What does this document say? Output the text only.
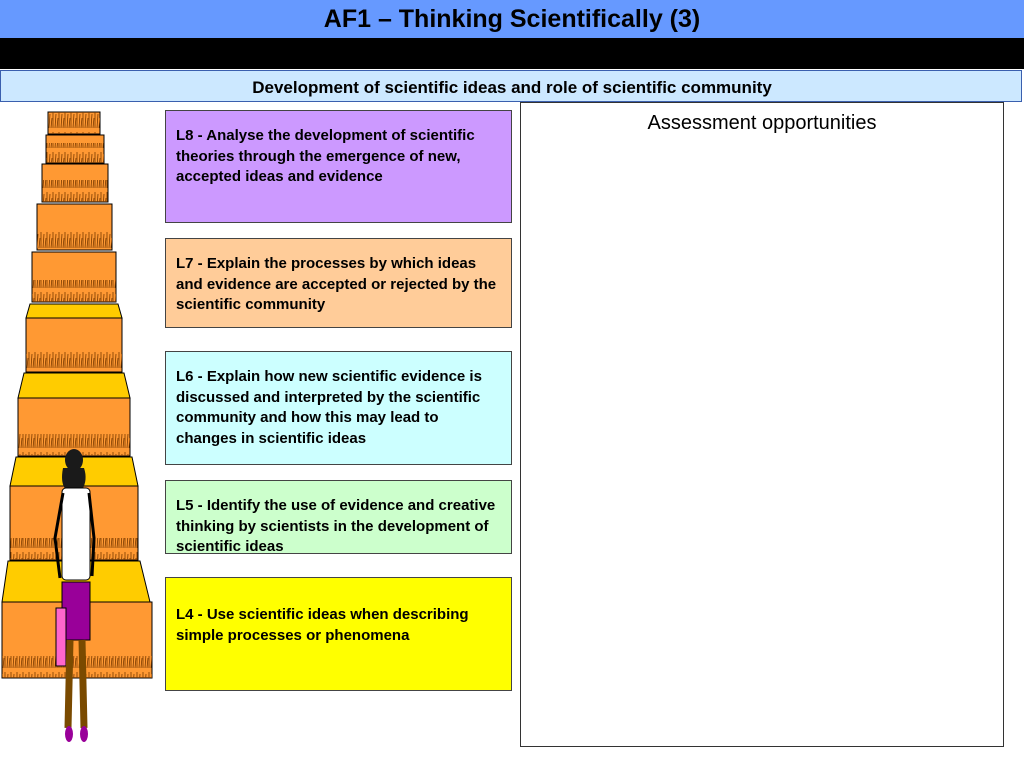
AF1 – Thinking Scientifically (3)
Development of scientific ideas and role of scientific community
L8 - Analyse the development of scientific theories through the emergence of new, accepted ideas and evidence
L7 - Explain the processes by which ideas and evidence are accepted or rejected by the scientific community
L6 - Explain how new scientific evidence is discussed and interpreted by the scientific community and how this may lead to changes in scientific ideas
L5 - Identify the use of evidence and creative thinking by scientists in the development of scientific ideas
L4 - Use scientific ideas when describing simple processes or phenomena
Assessment opportunities
